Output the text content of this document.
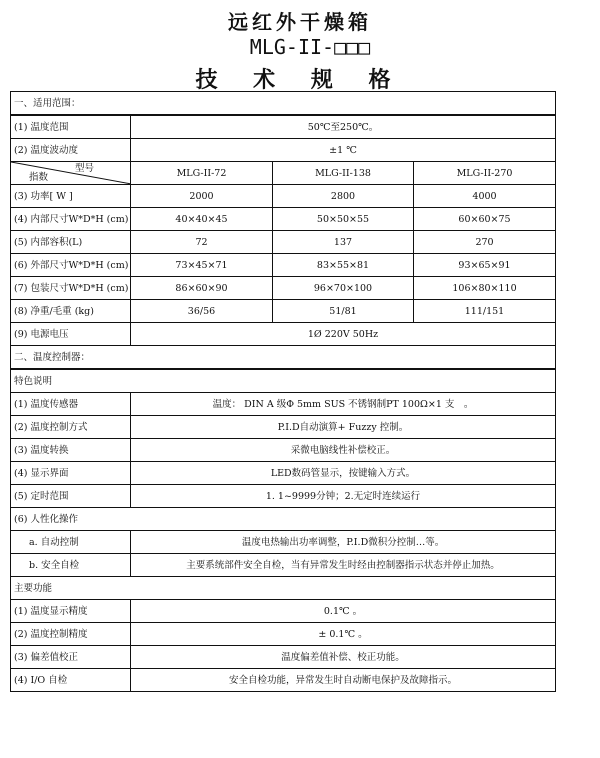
远红外干燥箱
MLG-II-□□□
技 术 规 格
一、适用范围：			
(1) 温度范围	50℃至250℃。		
(2) 温度波动度	±1 ℃		

型号
指数	MLG-II-72	MLG-II-138	MLG-II-270
(3) 功率[ W ]	2000	2800	4000
(4) 内部尺寸W*D*H (cm)	40×40×45	50×50×55	60×60×75
(5) 内部容积(L)	72	137	270
(6) 外部尺寸W*D*H (cm)	73×45×71	83×55×81	93×65×91
(7) 包装尺寸W*D*H (cm)	86×60×90	96×70×100	106×80×110
(8) 净重/毛重 (kg)	36/56	51/81	111/151
(9) 电源电压	1Ø 220V 50Hz		
二、温度控制器：			
特色说明			
(1) 温度传感器	温度： DIN A 级Φ 5mm SUS 不锈钢制PT 100Ω×1 支　。		
(2) 温度控制方式	P.I.D自动演算+ Fuzzy 控制。		
(3) 温度转换	采微电脑线性补偿校正。		
(4) 显示界面	LED数码管显示，按键输入方式。		
(5) 定时范围	1. 1~9999分钟；2.无定时连续运行		
(6) 人性化操作			
a. 自动控制	温度电热输出功率调整，P.I.D微积分控制…等。		
b. 安全自检	主要系统部件安全自检，当有异常发生时经由控制器指示状态并停止加热。		
主要功能			
(1) 温度显示精度	0.1℃ 。		
(2) 温度控制精度	± 0.1℃ 。		
(3) 偏差值校正	温度偏差值补偿、校正功能。		
(4) I/O 自检	安全自检功能，异常发生时自动断电保护及故障指示。		
